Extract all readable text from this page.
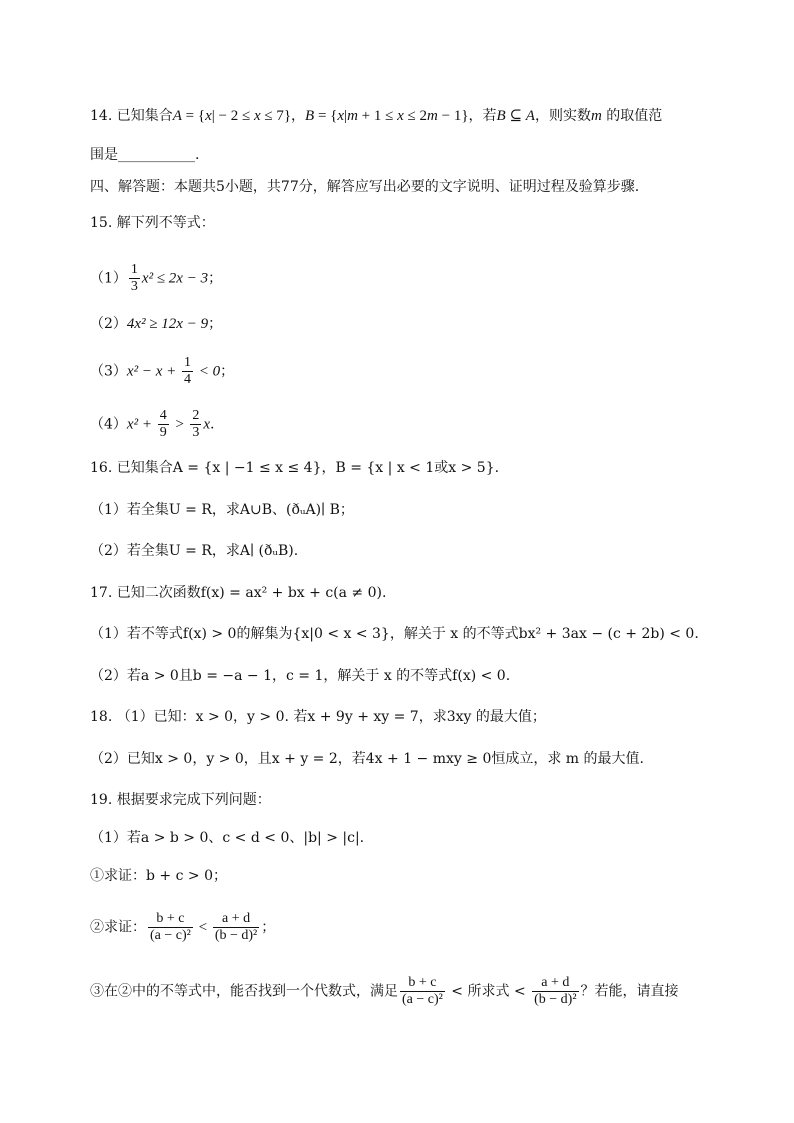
14. 已知集合A = {x| − 2 ≤ x ≤ 7}，B = {x|m + 1 ≤ x ≤ 2m − 1}，若B ⊆ A，则实数m 的取值范
围是___________.
四、解答题：本题共5小题，共77分，解答应写出必要的文字说明、证明过程及验算步骤.
15. 解下列不等式：
$(1) \frac{1}{3} x^2 \le 2x - 3$；
（2）4x² ≥ 12x − 9；
$(3)x^2 - x + \frac{1}{4} < 0$；
$(4)x^2 + \frac{4}{9} > \frac{2}{3} x$.
16. 已知集合A = {x | −1 ≤ x ≤ 4}，B = {x | x < 1或x > 5}.
（1）若全集U = R，求A∪B、(ðᵤA)∣ B；
（2）若全集U = R，求A∣ (ðᵤB).
17. 已知二次函数f(x) = ax² + bx + c(a ≠ 0).
（1）若不等式f(x) > 0的解集为{x|0 < x < 3}，解关于 x 的不等式bx² + 3ax − (c + 2b) < 0.
（2）若a > 0且b = −a − 1，c = 1，解关于 x 的不等式f(x) < 0.
18. （1）已知：x > 0，y > 0. 若x + 9y + xy = 7，求3xy 的最大值；
（2）已知x > 0，y > 0，且x + y = 2，若4x + 1 − mxy ≥ 0恒成立，求 m 的最大值.
19. 根据要求完成下列问题：
（1）若a > b > 0、c < d < 0、|b| > |c|.
①求证：b + c > 0；
②求证： $\frac{b + c}{\text{(a − c)²}} < \frac{a + d}{\text{(b − d)²}}$ ；
③在②中的不等式中，能否找到一个代数式，满足 $\frac{b + c}{\text{(a − c)²}}$ < 所求式 < $\frac{a + d}{\text{(b − d)²}}$ ？若能，请直接
